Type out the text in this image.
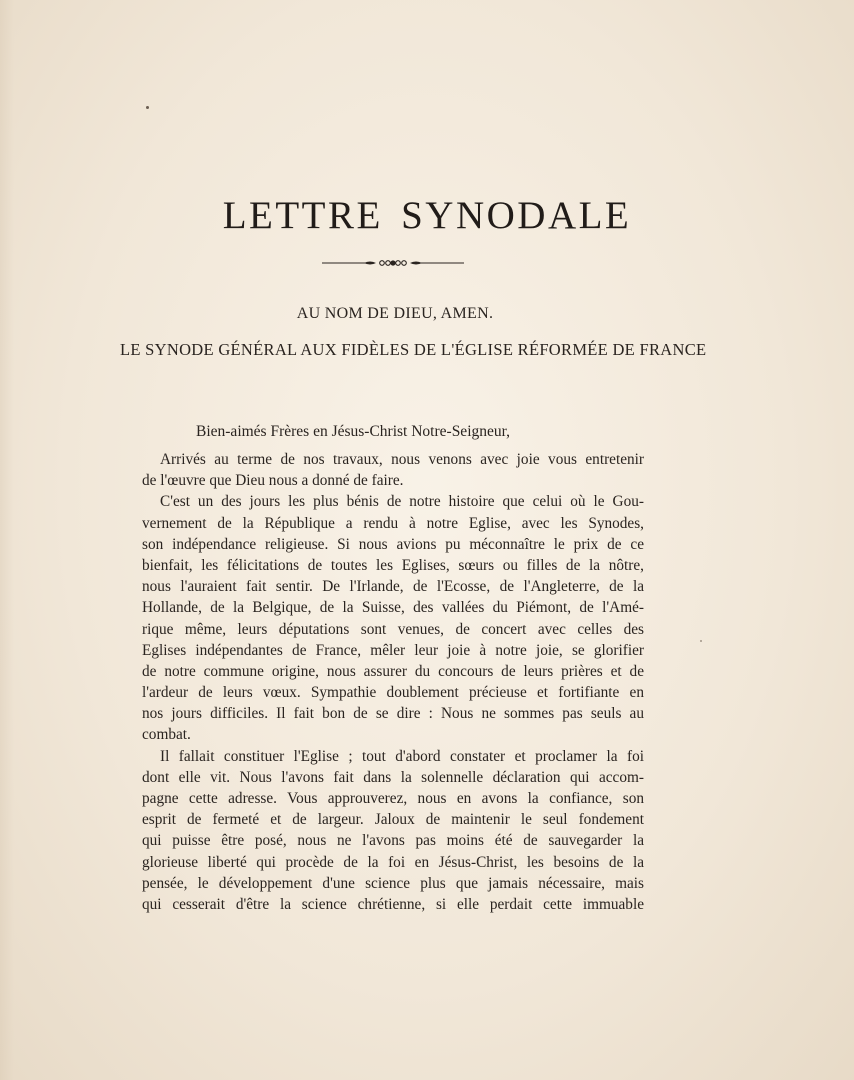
LETTRE SYNODALE
AU NOM DE DIEU, AMEN.
LE SYNODE GÉNÉRAL AUX FIDÈLES DE L'ÉGLISE RÉFORMÉE DE FRANCE
Bien-aimés Frères en Jésus-Christ Notre-Seigneur,
Arrivés au terme de nos travaux, nous venons avec joie vous entretenir
de l'œuvre que Dieu nous a donné de faire.
C'est un des jours les plus bénis de notre histoire que celui où le Gou-
vernement de la République a rendu à notre Eglise, avec les Synodes,
son indépendance religieuse. Si nous avions pu méconnaître le prix de ce
bienfait, les félicitations de toutes les Eglises, sœurs ou filles de la nôtre,
nous l'auraient fait sentir. De l'Irlande, de l'Ecosse, de l'Angleterre, de la
Hollande, de la Belgique, de la Suisse, des vallées du Piémont, de l'Amé-
rique même, leurs députations sont venues, de concert avec celles des
Eglises indépendantes de France, mêler leur joie à notre joie, se glorifier
de notre commune origine, nous assurer du concours de leurs prières et de
l'ardeur de leurs vœux. Sympathie doublement précieuse et fortifiante en
nos jours difficiles. Il fait bon de se dire : Nous ne sommes pas seuls au
combat.
Il fallait constituer l'Eglise ; tout d'abord constater et proclamer la foi
dont elle vit. Nous l'avons fait dans la solennelle déclaration qui accom-
pagne cette adresse. Vous approuverez, nous en avons la confiance, son
esprit de fermeté et de largeur. Jaloux de maintenir le seul fondement
qui puisse être posé, nous ne l'avons pas moins été de sauvegarder la
glorieuse liberté qui procède de la foi en Jésus-Christ, les besoins de la
pensée, le développement d'une science plus que jamais nécessaire, mais
qui cesserait d'être la science chrétienne, si elle perdait cette immuable
